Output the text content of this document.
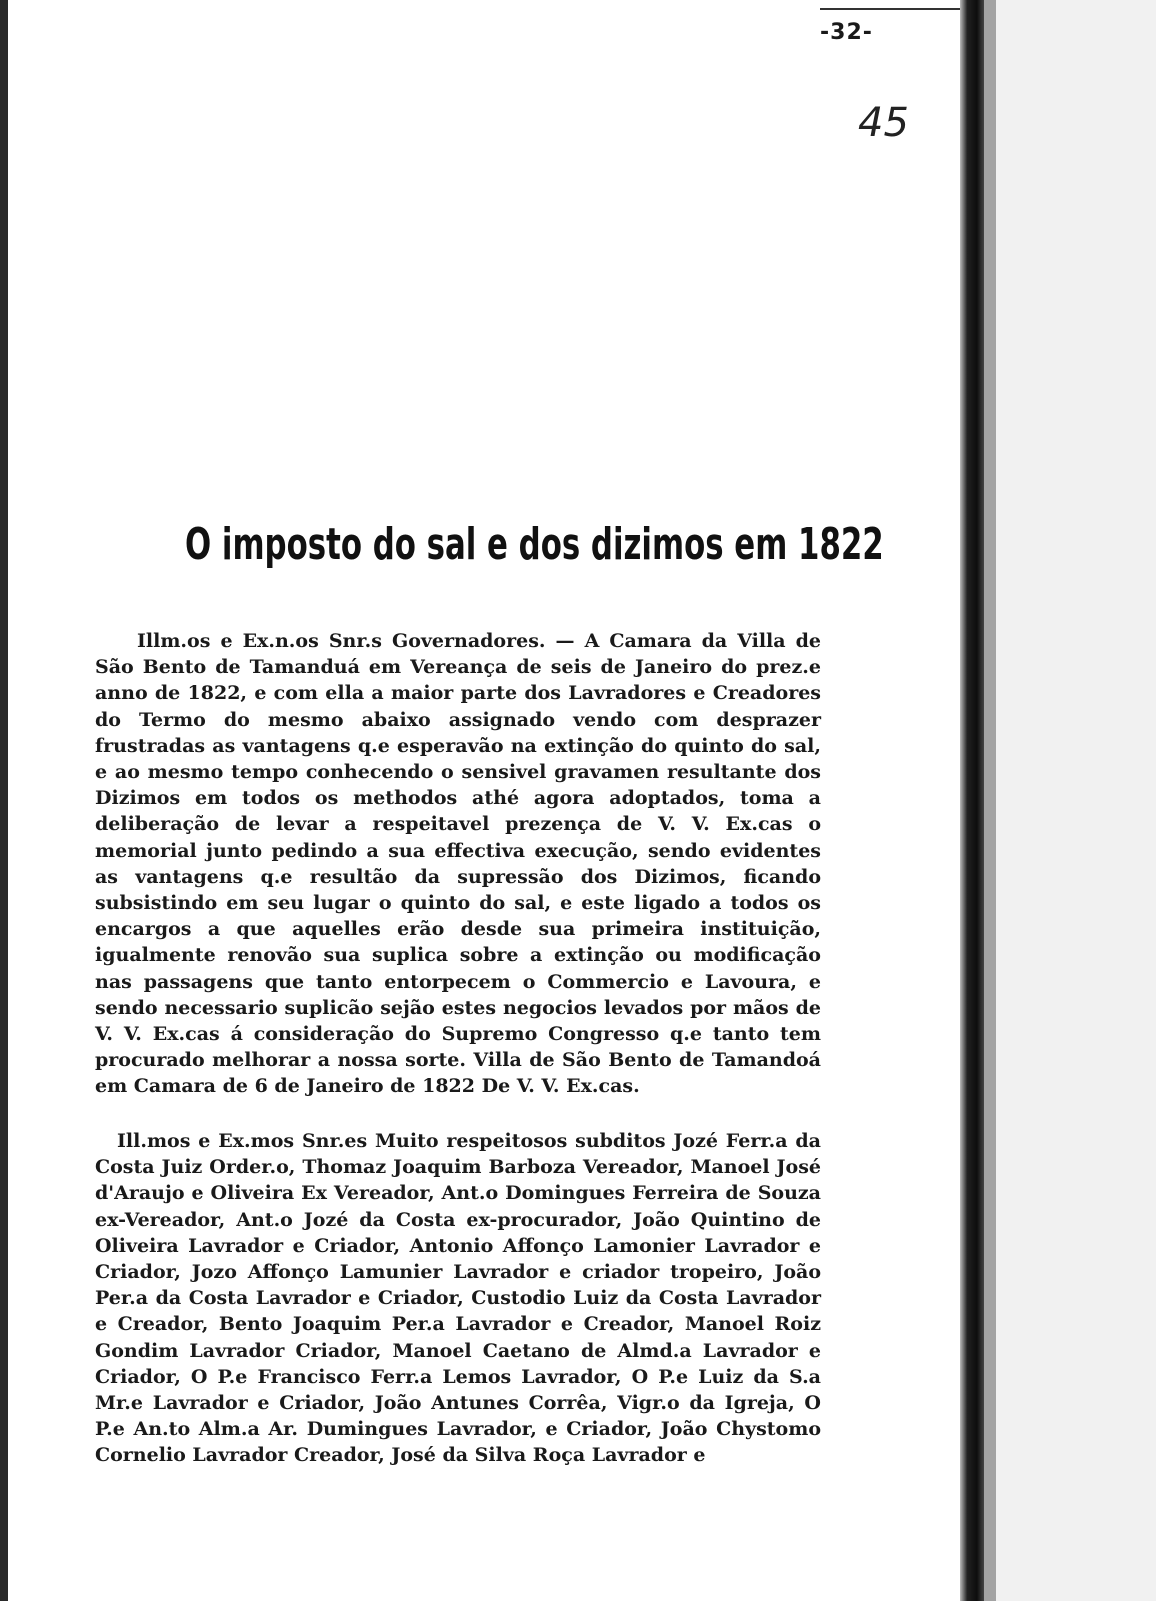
-32-
45
O imposto do sal e dos dizimos em 1822
Illm.os e Ex.n.os Snr.s Governadores. — A Camara da Villa de São Bento de Tamanduá em Vereança de seis de Janeiro do prez.e anno de 1822, e com ella a maior parte dos Lavradores e Creadores do Termo do mesmo abaixo assignado vendo com desprazer frustradas as vantagens q.e esperavão na extinção do quinto do sal, e ao mesmo tempo conhecendo o sensivel gravamen resultante dos Dizimos em todos os methodos athé agora adoptados, toma a deliberação de levar a respeitavel prezença de V. V. Ex.cas o memorial junto pedindo a sua effectiva execução, sendo evidentes as vantagens q.e resultão da supressão dos Dizimos, ficando subsistindo em seu lugar o quinto do sal, e este ligado a todos os encargos a que aquelles erão desde sua primeira instituição, igualmente renovão sua suplica sobre a extinção ou modificação nas passagens que tanto entorpecem o Commercio e Lavoura, e sendo necessario suplicão sejão estes negocios levados por mãos de V. V. Ex.cas á consideração do Supremo Congresso q.e tanto tem procurado melhorar a nossa sorte. Villa de São Bento de Tamandoá em Camara de 6 de Janeiro de 1822 De V. V. Ex.cas.
Ill.mos e Ex.mos Snr.es Muito respeitosos subditos Jozé Ferr.a da Costa Juiz Order.o, Thomaz Joaquim Barboza Vereador, Manoel José d'Araujo e Oliveira Ex Vereador, Ant.o Domingues Ferreira de Souza ex-Vereador, Ant.o Jozé da Costa ex-procurador, João Quintino de Oliveira Lavrador e Criador, Antonio Affonço Lamonier Lavrador e Criador, Jozo Affonço Lamunier Lavrador e criador tropeiro, João Per.a da Costa Lavrador e Criador, Custodio Luiz da Costa Lavrador e Creador, Bento Joaquim Per.a Lavrador e Creador, Manoel Roiz Gondim Lavrador Criador, Manoel Caetano de Almd.a Lavrador e Criador, O P.e Francisco Ferr.a Lemos Lavrador, O P.e Luiz da S.a Mr.e Lavrador e Criador, João Antunes Corrêa, Vigr.o da Igreja, O P.e An.to Alm.a Ar. Dumingues Lavrador, e Criador, João Chystomo Cornelio Lavrador Creador, José da Silva Roça Lavrador e
